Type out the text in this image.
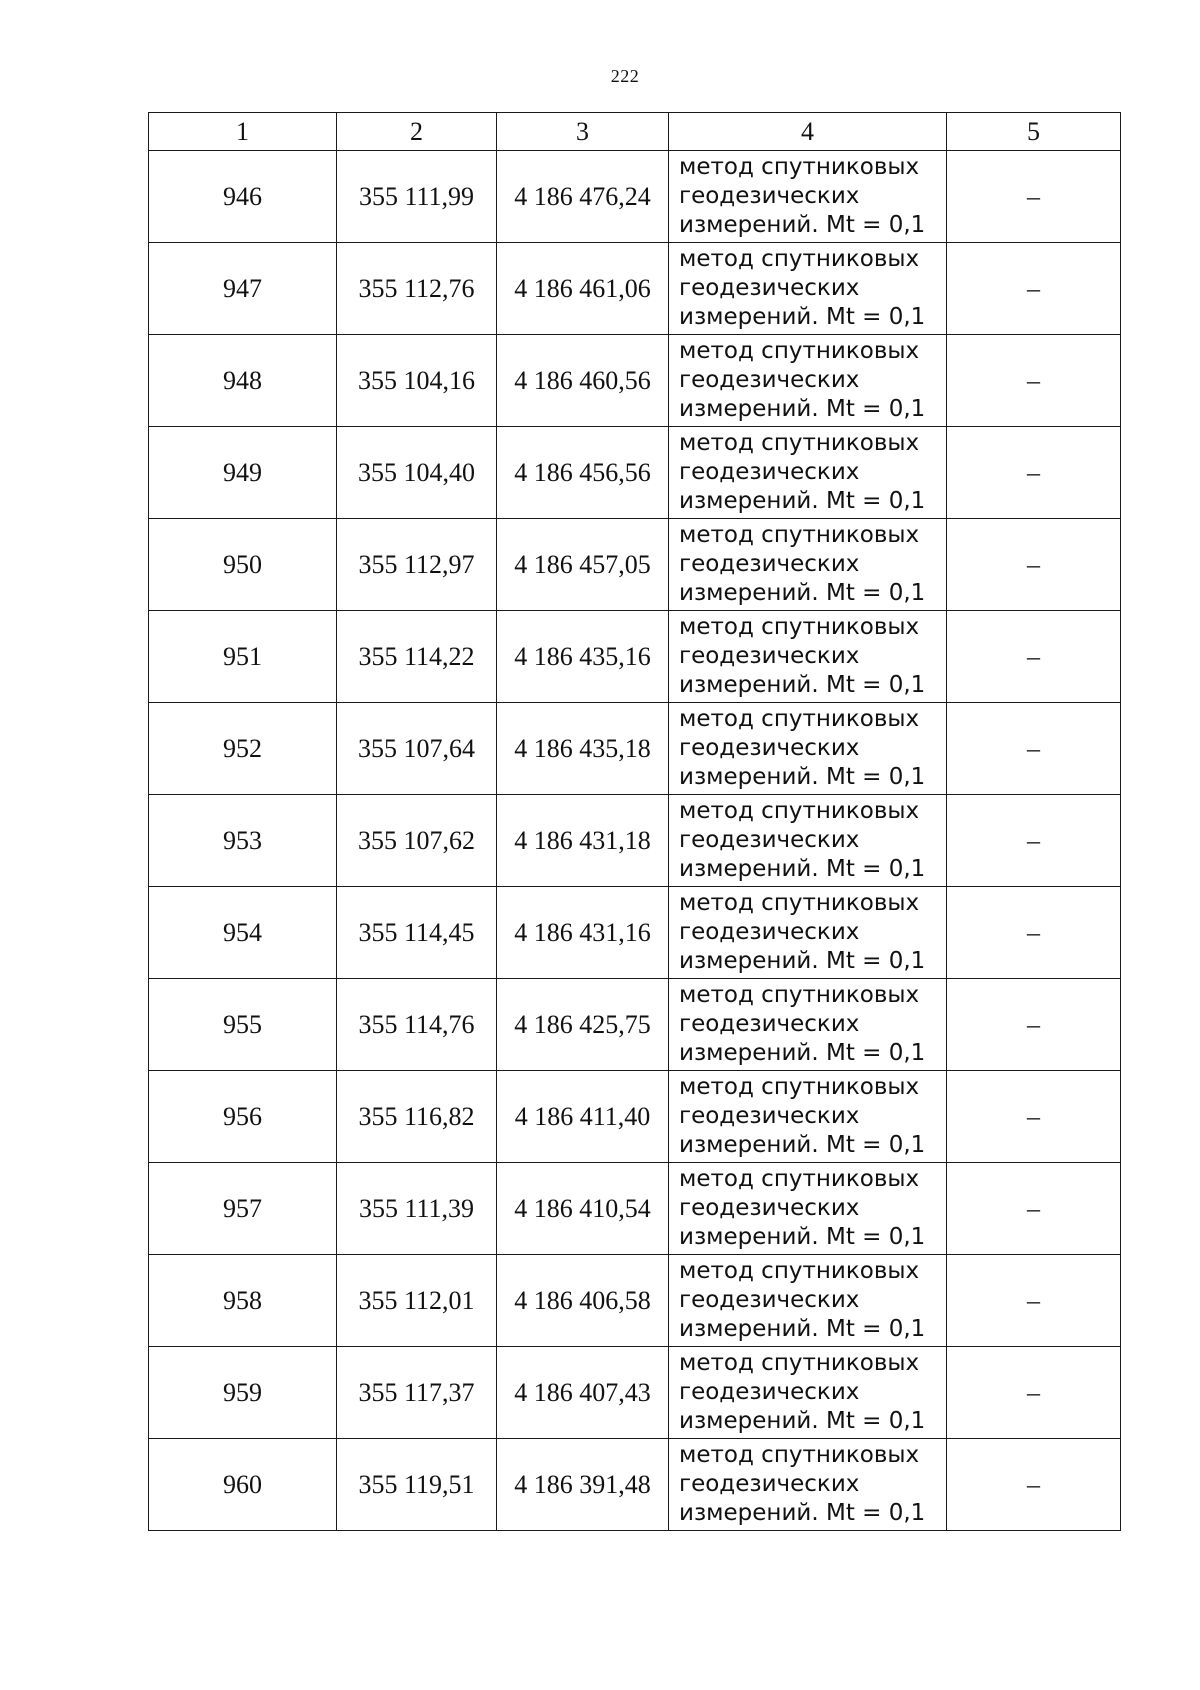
222
1	2	3	4	5
946	355 111,99	4 186 476,24	метод спутниковых
геодезических
измерений. Mt = 0,1	–
947	355 112,76	4 186 461,06	метод спутниковых
геодезических
измерений. Mt = 0,1	–
948	355 104,16	4 186 460,56	метод спутниковых
геодезических
измерений. Mt = 0,1	–
949	355 104,40	4 186 456,56	метод спутниковых
геодезических
измерений. Mt = 0,1	–
950	355 112,97	4 186 457,05	метод спутниковых
геодезических
измерений. Mt = 0,1	–
951	355 114,22	4 186 435,16	метод спутниковых
геодезических
измерений. Mt = 0,1	–
952	355 107,64	4 186 435,18	метод спутниковых
геодезических
измерений. Mt = 0,1	–
953	355 107,62	4 186 431,18	метод спутниковых
геодезических
измерений. Mt = 0,1	–
954	355 114,45	4 186 431,16	метод спутниковых
геодезических
измерений. Mt = 0,1	–
955	355 114,76	4 186 425,75	метод спутниковых
геодезических
измерений. Mt = 0,1	–
956	355 116,82	4 186 411,40	метод спутниковых
геодезических
измерений. Mt = 0,1	–
957	355 111,39	4 186 410,54	метод спутниковых
геодезических
измерений. Mt = 0,1	–
958	355 112,01	4 186 406,58	метод спутниковых
геодезических
измерений. Mt = 0,1	–
959	355 117,37	4 186 407,43	метод спутниковых
геодезических
измерений. Mt = 0,1	–
960	355 119,51	4 186 391,48	метод спутниковых
геодезических
измерений. Mt = 0,1	–
